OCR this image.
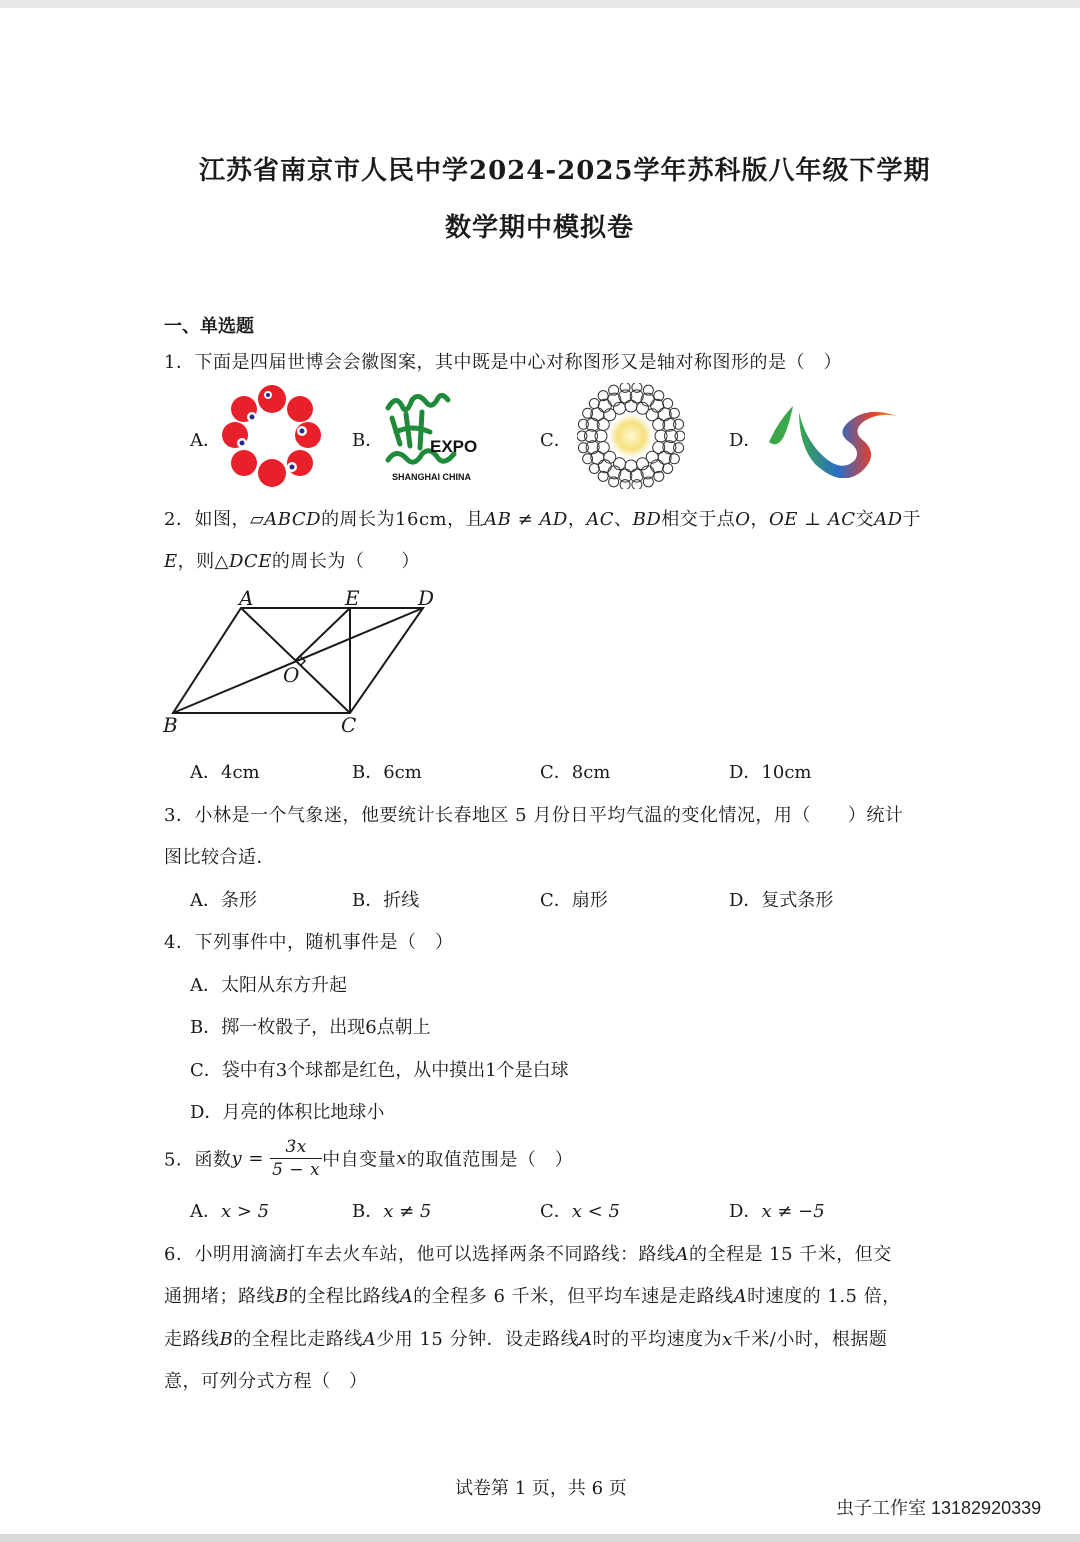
江苏省南京市人民中学2024-2025学年苏科版八年级下学期
数学期中模拟卷
一、单选题
1．下面是四届世博会会徽图案，其中既是中心对称图形又是轴对称图形的是（　）
A．	B．	C．	D．
EXPO
SHANGHAI CHINA
2．如图，▱ABCD的周长为16cm，且AB ≠ AD，AC、BD相交于点O，OE ⊥ AC交AD于
E，则△DCE的周长为（　　）
A	E	D
O
B	C
A．4cm	B．6cm	C．8cm	D．10cm
3．小林是一个气象迷，他要统计长春地区 5 月份日平均气温的变化情况，用（　　）统计
图比较合适．
A．条形	B．折线	C．扇形	D．复式条形
4．下列事件中，随机事件是（　）
A．太阳从东方升起
B．掷一枚骰子，出现6点朝上
C．袋中有3个球都是红色，从中摸出1个是白球
D．月亮的体积比地球小
5．函数$y = \frac{3x}{5 - x}$ 中自变量x的取值范围是（　）
A．x > 5	B．x ≠ 5	C．x < 5	D．x ≠ −5
6．小明用滴滴打车去火车站，他可以选择两条不同路线：路线A的全程是 15 千米，但交
通拥堵；路线B的全程比路线A的全程多 6 千米，但平均车速是走路线A时速度的 1.5 倍，
走路线B的全程比走路线A少用 15 分钟．设走路线A时的平均速度为x千米/小时，根据题
意，可列分式方程（　）
试卷第 1 页，共 6 页
虫子工作室 13182920339
